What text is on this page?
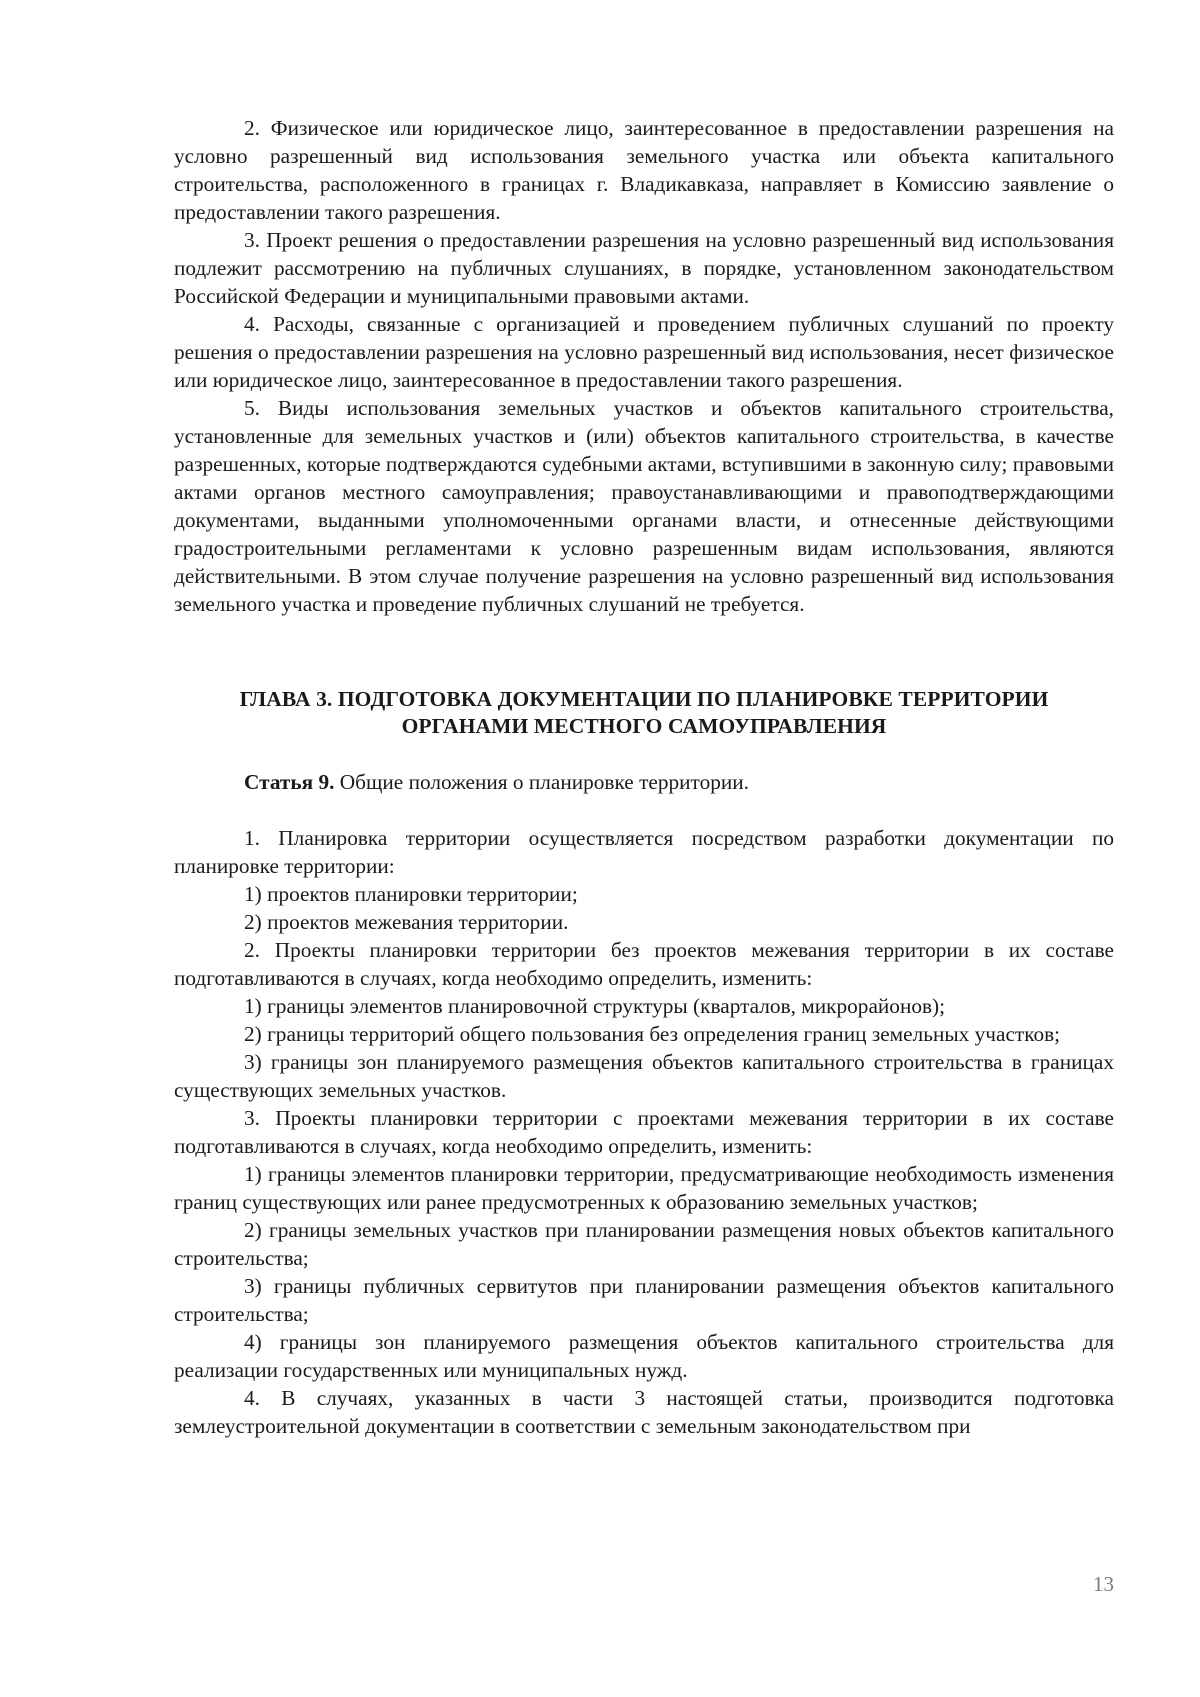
2. Физическое или юридическое лицо, заинтересованное в предоставлении разрешения на условно разрешенный вид использования земельного участка или объекта капитального строительства, расположенного в границах г. Владикавказа, направляет в Комиссию заявление о предоставлении такого разрешения.

3. Проект решения о предоставлении разрешения на условно разрешенный вид использования подлежит рассмотрению на публичных слушаниях, в порядке, установленном законодательством Российской Федерации и муниципальными правовыми актами.

4. Расходы, связанные с организацией и проведением публичных слушаний по проекту решения о предоставлении разрешения на условно разрешенный вид использования, несет физическое или юридическое лицо, заинтересованное в предоставлении такого разрешения.

5. Виды использования земельных участков и объектов капитального строительства, установленные для земельных участков и (или) объектов капитального строительства, в качестве разрешенных, которые подтверждаются судебными актами, вступившими в законную силу; правовыми актами органов местного самоуправления; правоустанавливающими и правоподтверждающими документами, выданными уполномоченными органами власти, и отнесенные действующими градостроительными регламентами к условно разрешенным видам использования, являются действительными. В этом случае получение разрешения на условно разрешенный вид использования земельного участка и проведение публичных слушаний не требуется.

ГЛАВА 3. ПОДГОТОВКА ДОКУМЕНТАЦИИ ПО ПЛАНИРОВКЕ ТЕРРИТОРИИ
ОРГАНАМИ МЕСТНОГО САМОУПРАВЛЕНИЯ
Статья 9. Общие положения о планировке территории.

1. Планировка территории осуществляется посредством разработки документации по планировке территории:

1) проектов планировки территории;

2) проектов межевания территории.

2. Проекты планировки территории без проектов межевания территории в их составе подготавливаются в случаях, когда необходимо определить, изменить:

1) границы элементов планировочной структуры (кварталов, микрорайонов);

2) границы территорий общего пользования без определения границ земельных участков;

3) границы зон планируемого размещения объектов капитального строительства в границах существующих земельных участков.

3. Проекты планировки территории с проектами межевания территории в их составе подготавливаются в случаях, когда необходимо определить, изменить:

1) границы элементов планировки территории, предусматривающие необходимость изменения границ существующих или ранее предусмотренных к образованию земельных участков;

2) границы земельных участков при планировании размещения новых объектов капитального строительства;

3) границы публичных сервитутов при планировании размещения объектов капитального строительства;

4) границы зон планируемого размещения объектов капитального строительства для реализации государственных или муниципальных нужд.

4. В случаях, указанных в части 3 настоящей статьи, производится подготовка землеустроительной документации в соответствии с земельным законодательством при

13
